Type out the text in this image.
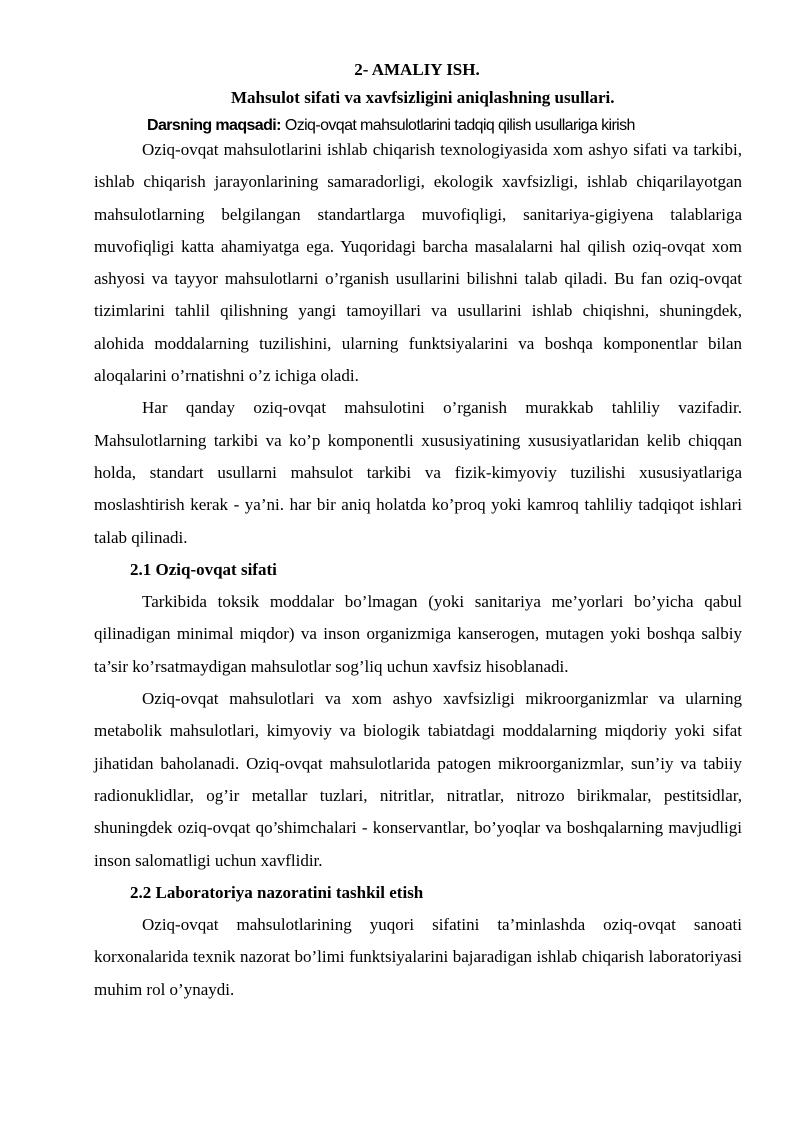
2- AMALIY ISH.
Mahsulot sifati va xavfsizligini aniqlashning usullari.
Darsning maqsadi: Oziq-ovqat mahsulotlarini tadqiq qilish usullariga kirish

Oziq-ovqat mahsulotlarini ishlab chiqarish texnologiyasida xom ashyo sifati va tarkibi, ishlab chiqarish jarayonlarining samaradorligi, ekologik xavfsizligi, ishlab chiqarilayotgan mahsulotlarning belgilangan standartlarga muvofiqligi, sanitariya-gigiyena talablariga muvofiqligi katta ahamiyatga ega. Yuqoridagi barcha masalalarni hal qilish oziq-ovqat xom ashyosi va tayyor mahsulotlarni o’rganish usullarini bilishni talab qiladi. Bu fan oziq-ovqat tizimlarini tahlil qilishning yangi tamoyillari va usullarini ishlab chiqishni, shuningdek, alohida moddalarning tuzilishini, ularning funktsiyalarini va boshqa komponentlar bilan aloqalarini o’rnatishni o’z ichiga oladi.

Har qanday oziq-ovqat mahsulotini o’rganish murakkab tahliliy vazifadir. Mahsulotlarning tarkibi va ko’p komponentli xususiyatining xususiyatlaridan kelib chiqqan holda, standart usullarni mahsulot tarkibi va fizik-kimyoviy tuzilishi xususiyatlariga moslashtirish kerak - ya’ni. har bir aniq holatda ko’proq yoki kamroq tahliliy tadqiqot ishlari talab qilinadi.

2.1 Oziq-ovqat sifati

Tarkibida toksik moddalar bo’lmagan (yoki sanitariya me’yorlari bo’yicha qabul qilinadigan minimal miqdor) va inson organizmiga kanserogen, mutagen yoki boshqa salbiy ta’sir ko’rsatmaydigan mahsulotlar sog’liq uchun xavfsiz hisoblanadi.

Oziq-ovqat mahsulotlari va xom ashyo xavfsizligi mikroorganizmlar va ularning metabolik mahsulotlari, kimyoviy va biologik tabiatdagi moddalarning miqdoriy yoki sifat jihatidan baholanadi. Oziq-ovqat mahsulotlarida patogen mikroorganizmlar, sun’iy va tabiiy radionuklidlar, og’ir metallar tuzlari, nitritlar, nitratlar, nitrozo birikmalar, pestitsidlar, shuningdek oziq-ovqat qo’shimchalari - konservantlar, bo’yoqlar va boshqalarning mavjudligi inson salomatligi uchun xavflidir.

2.2 Laboratoriya nazoratini tashkil etish

Oziq-ovqat mahsulotlarining yuqori sifatini ta’minlashda oziq-ovqat sanoati korxonalarida texnik nazorat bo’limi funktsiyalarini bajaradigan ishlab chiqarish laboratoriyasi muhim rol o’ynaydi.
